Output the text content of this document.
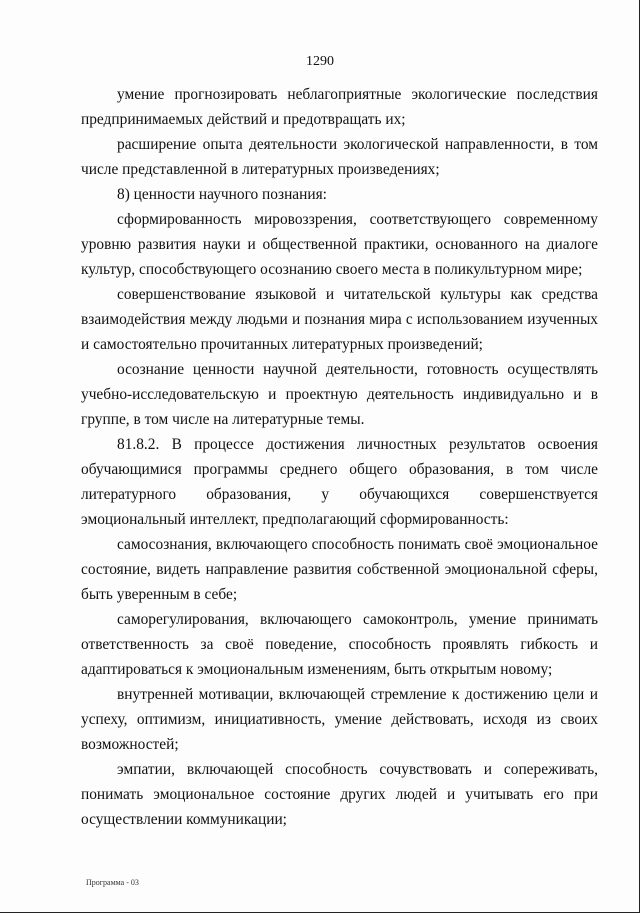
1290

умение прогнозировать неблагоприятные экологические последствия предпринимаемых действий и предотвращать их;

расширение опыта деятельности экологической направленности, в том числе представленной в литературных произведениях;

8) ценности научного познания:

сформированность мировоззрения, соответствующего современному уровню развития науки и общественной практики, основанного на диалоге культур, способствующего осознанию своего места в поликультурном мире;

совершенствование языковой и читательской культуры как средства взаимодействия между людьми и познания мира с использованием изученных и самостоятельно прочитанных литературных произведений;

осознание ценности научной деятельности, готовность осуществлять учебно-исследовательскую и проектную деятельность индивидуально и в группе, в том числе на литературные темы.

81.8.2. В процессе достижения личностных результатов освоения обучающимися программы среднего общего образования, в том числе литературного образования, у обучающихся совершенствуется эмоциональный интеллект, предполагающий сформированность:

самосознания, включающего способность понимать своё эмоциональное состояние, видеть направление развития собственной эмоциональной сферы, быть уверенным в себе;

саморегулирования, включающего самоконтроль, умение принимать ответственность за своё поведение, способность проявлять гибкость и адаптироваться к эмоциональным изменениям, быть открытым новому;

внутренней мотивации, включающей стремление к достижению цели и успеху, оптимизм, инициативность, умение действовать, исходя из своих возможностей;

эмпатии, включающей способность сочувствовать и сопереживать, понимать эмоциональное состояние других людей и учитывать его при осуществлении коммуникации;

Программа - 03
